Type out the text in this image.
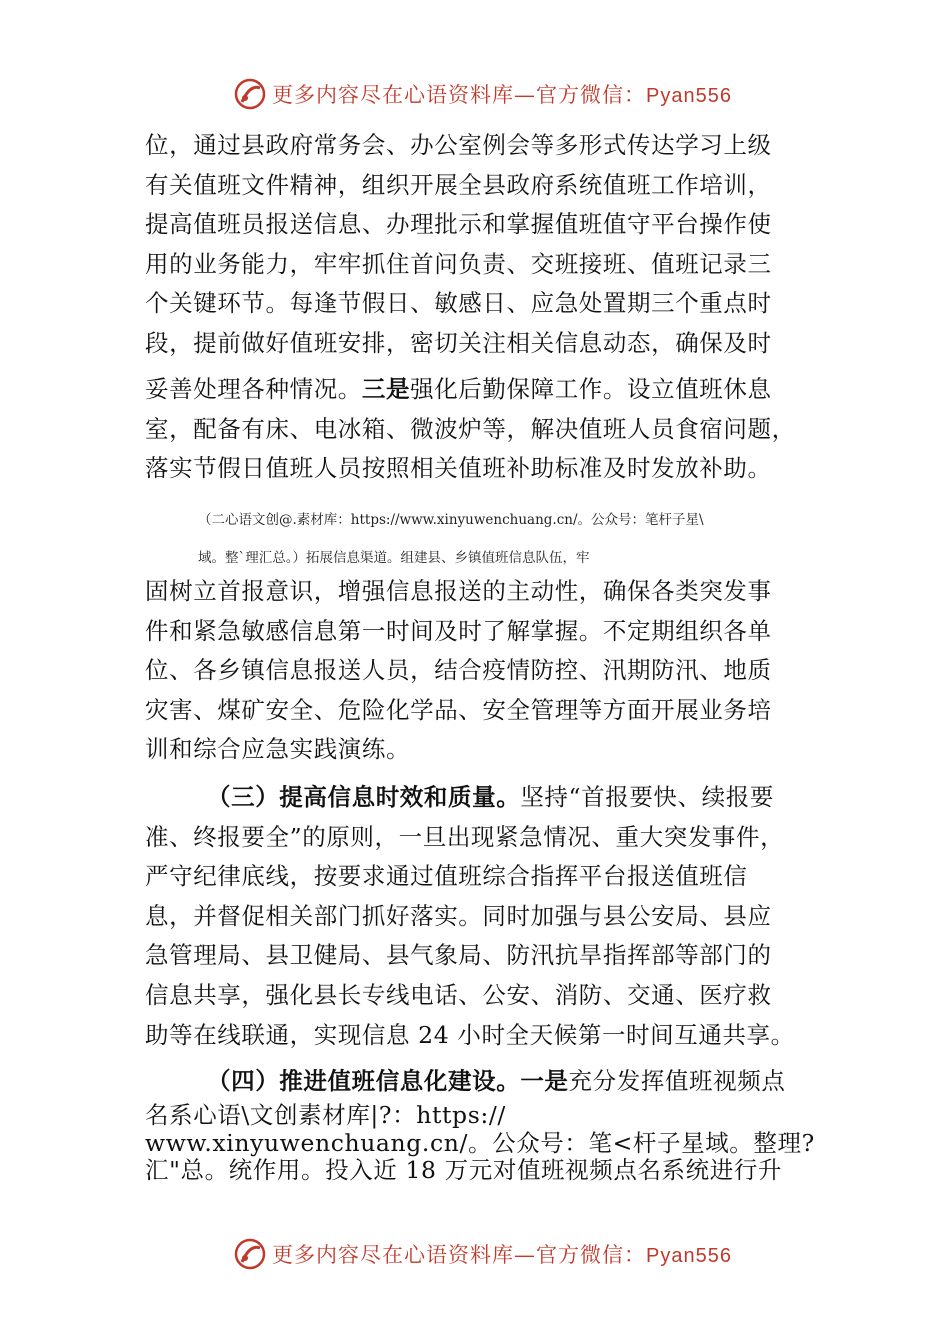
更多内容尽在心语资料库—官方微信：Pyan556
位，通过县政府常务会、办公室例会等多形式传达学习上级
有关值班文件精神，组织开展全县政府系统值班工作培训，
提高值班员报送信息、办理批示和掌握值班值守平台操作使
用的业务能力，牢牢抓住首问负责、交班接班、值班记录三
个关键环节。每逢节假日、敏感日、应急处置期三个重点时
段，提前做好值班安排，密切关注相关信息动态，确保及时
妥善处理各种情况。三是强化后勤保障工作。设立值班休息
室，配备有床、电冰箱、微波炉等，解决值班人员食宿问题，
落实节假日值班人员按照相关值班补助标准及时发放补助。
（二心语文创@.素材库：https://www.xinyuwenchuang.cn/。公众号：笔杆子星\
域。整`理汇总。）拓展信息渠道。组建县、乡镇值班信息队伍，牢
固树立首报意识，增强信息报送的主动性，确保各类突发事
件和紧急敏感信息第一时间及时了解掌握。不定期组织各单
位、各乡镇信息报送人员，结合疫情防控、汛期防汛、地质
灾害、煤矿安全、危险化学品、安全管理等方面开展业务培
训和综合应急实践演练。
（三）提高信息时效和质量。坚持“首报要快、续报要
准、终报要全”的原则，一旦出现紧急情况、重大突发事件，
严守纪律底线，按要求通过值班综合指挥平台报送值班信
息，并督促相关部门抓好落实。同时加强与县公安局、县应
急管理局、县卫健局、县气象局、防汛抗旱指挥部等部门的
信息共享，强化县长专线电话、公安、消防、交通、医疗救
助等在线联通，实现信息 24 小时全天候第一时间互通共享。
（四）推进值班信息化建设。一是充分发挥值班视频点
名系心语\文创素材库|?：https://
www.xinyuwenchuang.cn/。公众号：笔<杆子星域。整理?
汇"总。统作用。投入近 18 万元对值班视频点名系统进行升
更多内容尽在心语资料库—官方微信：Pyan556
